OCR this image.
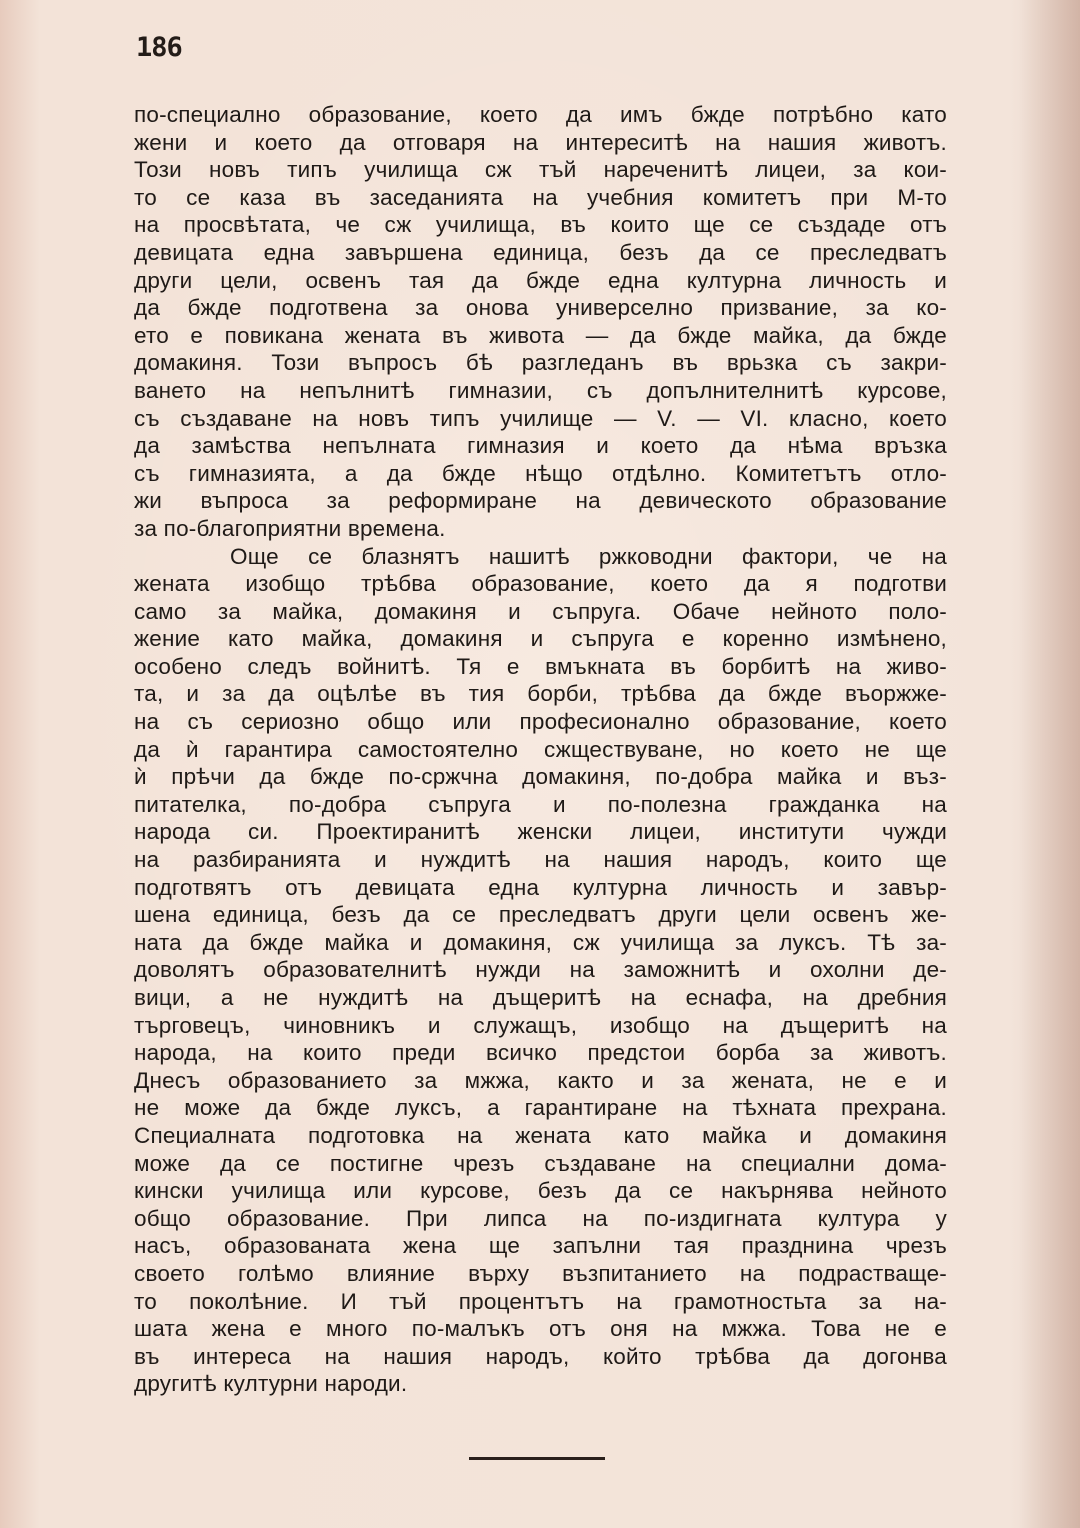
186
по-специално образование, което да имъ бжде потрѣбно като
жени и което да отговаря на интереситѣ на нашия животъ.
Този новъ типъ училища сж тъй нареченитѣ лицеи, за кои-
то се каза въ заседанията на учебния комитетъ при М-то
на просвѣтата, че сж училища, въ които ще се създаде отъ
девицата една завършена единица, безъ да се преследватъ
други цели, освенъ тая да бжде една културна личность и
да бжде подготвена за онова универсeлно призвание, за ко-
ето е повикана жената въ живота — да бжде майка, да бжде
домакиня. Този въпросъ бѣ разгледанъ въ врьзка съ закри-
ването на непълнитѣ гимназии, съ допълнителнитѣ курсове,
съ създаване на новъ типъ училище — V. — VI. класно, което
да замѣства непълната гимназия и което да нѣма връзка
съ гимназията, а да бжде нѣщо отдѣлно. Комитетътъ отло-
жи въпроса за реформиране на девическото образование
за по-благоприятни времена.
Още се блазнятъ нашитѣ ржководни фактори, че на
жената изобщо трѣбва образование, което да я подготви
само за майка, домакиня и съпруга. Обаче нейното поло-
жение като майка, домакиня и съпруга е коренно измѣнено,
особено следъ войнитѣ. Тя е вмъкната въ борбитѣ на живо-
та, и за да оцѣлѣе въ тия борби, трѣбва да бжде въоржже-
на съ сериозно общо или професионално образование, което
да ѝ гарантира самостоятелно сжществуване, но което не ще
ѝ прѣчи да бжде по-сржчна домакиня, по-добра майка и въз-
питателка, по-добра съпруга и по-полезна гражданка на
народа си. Проектиранитѣ женски лицеи, институти чужди
на разбиранията и нуждитѣ на нашия народъ, които ще
подготвятъ отъ девицата една културна личность и завър-
шена единица, безъ да се преследватъ други цели освенъ же-
ната да бжде майка и домакиня, сж училища за луксъ. Тѣ за-
доволятъ образователнитѣ нужди на заможнитѣ и охолни де-
вици, а не нуждитѣ на дъщеритѣ на еснафа, на дребния
търговецъ, чиновникъ и служащъ, изобщо на дъщеритѣ на
народа, на които преди всичко предстои борба за животъ.
Днесъ образованието за мжжа, както и за жената, не е и
не може да бжде луксъ, а гарантиране на тѣхната прехрана.
Специалната подготовка на жената като майка и домакиня
може да се постигне чрезъ създаване на специални дома-
кински училища или курсове, безъ да се накърнява нейното
общо образование. При липса на по-издигната култура у
насъ, образованата жена ще запълни тая празднина чрезъ
своето голѣмо влияние върху възпитанието на подрастваще-
то поколѣние. И тъй процентътъ на грамотностьта за на-
шата жена е много по-малъкъ отъ оня на мжжа. Това не е
въ интереса на нашия народъ, който трѣбва да догонва
другитѣ културни народи.
